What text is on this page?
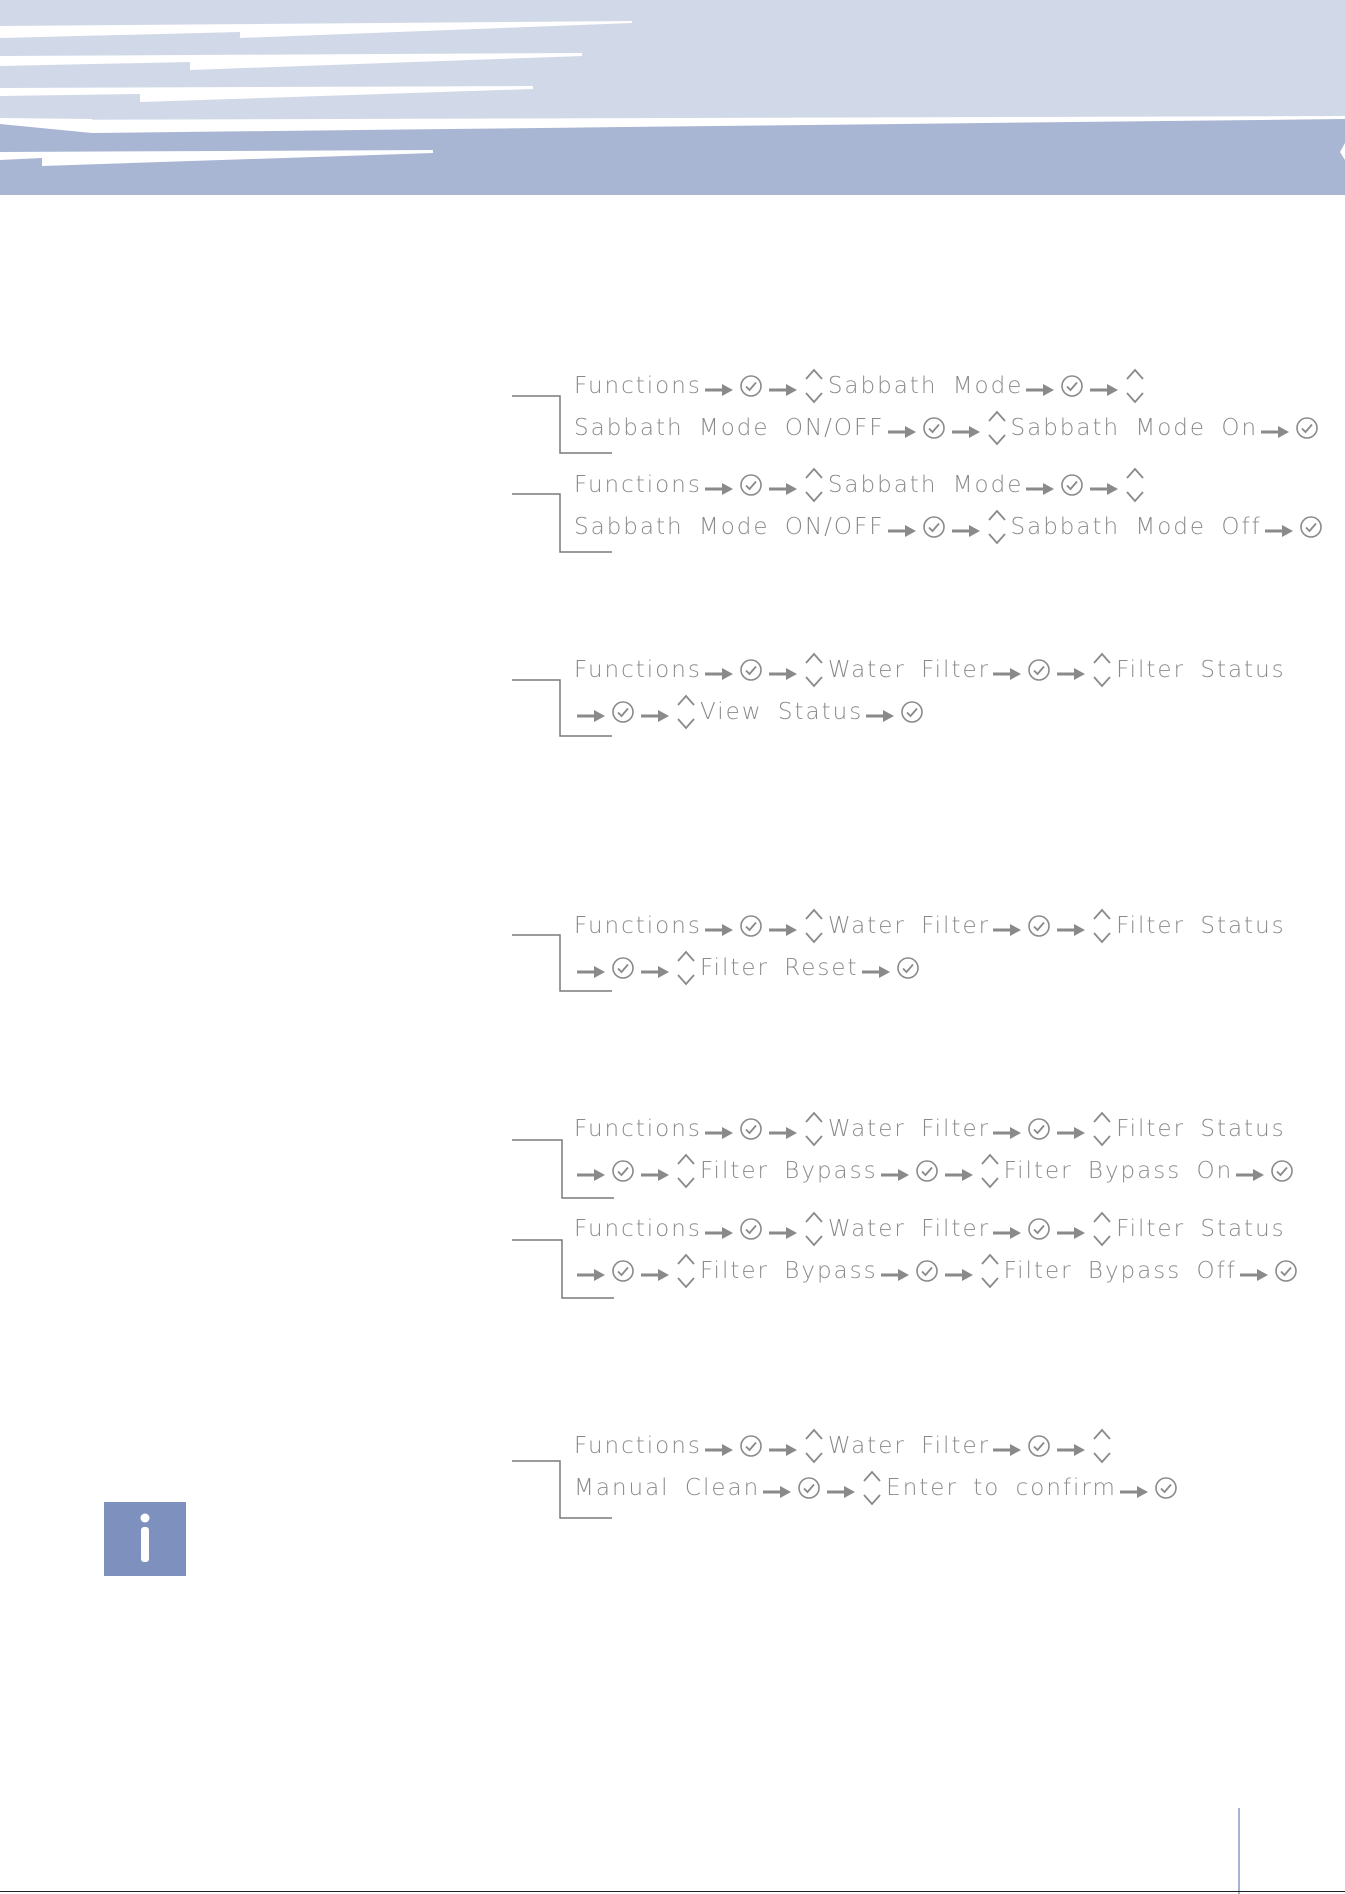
Functions	Sabbath Mode
Sabbath Mode ON/OFF	Sabbath Mode On
Functions	Sabbath Mode
Sabbath Mode ON/OFF	Sabbath Mode Off
Functions	Water Filter	Filter Status
View Status
Functions	Water Filter	Filter Status
Filter Reset
Functions	Water Filter	Filter Status
Filter Bypass	Filter Bypass On
Functions	Water Filter	Filter Status
Filter Bypass	Filter Bypass Off
Functions	Water Filter
Manual Clean	Enter to confirm
